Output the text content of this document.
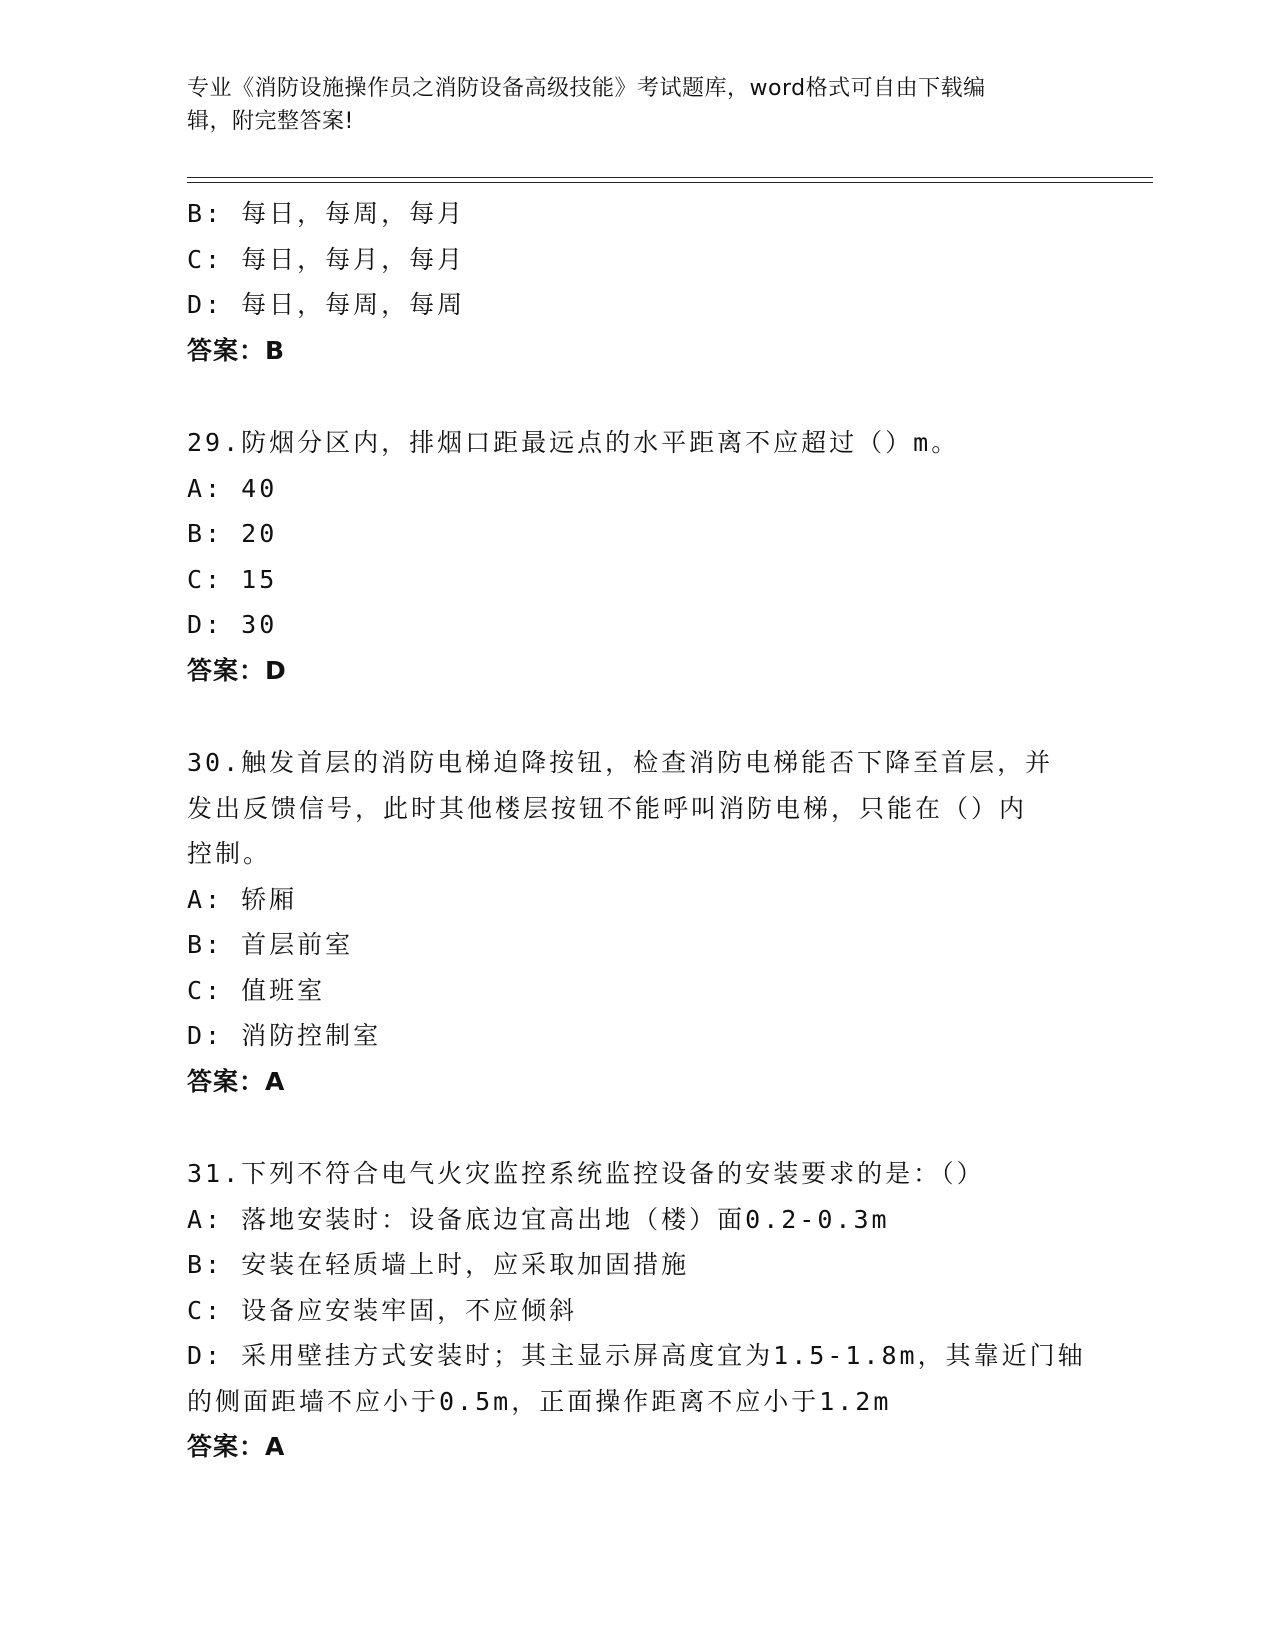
专业《消防设施操作员之消防设备高级技能》考试题库，word格式可自由下载编
辑，附完整答案!
B: 每日，每周，每月
C: 每日，每月，每月
D: 每日，每周，每周
答案：B
29.防烟分区内，排烟口距最远点的水平距离不应超过（）m。
A: 40
B: 20
C: 15
D: 30
答案：D
30.触发首层的消防电梯迫降按钮，检查消防电梯能否下降至首层，并
发出反馈信号，此时其他楼层按钮不能呼叫消防电梯，只能在（）内
控制。
A: 轿厢
B: 首层前室
C: 值班室
D: 消防控制室
答案：A
31.下列不符合电气火灾监控系统监控设备的安装要求的是：（）
A: 落地安装时：设备底边宜高出地（楼）面0.2-0.3m
B: 安装在轻质墙上时，应采取加固措施
C: 设备应安装牢固，不应倾斜
D: 采用壁挂方式安装时；其主显示屏高度宜为1.5-1.8m，其靠近门轴
的侧面距墙不应小于0.5m，正面操作距离不应小于1.2m
答案：A
